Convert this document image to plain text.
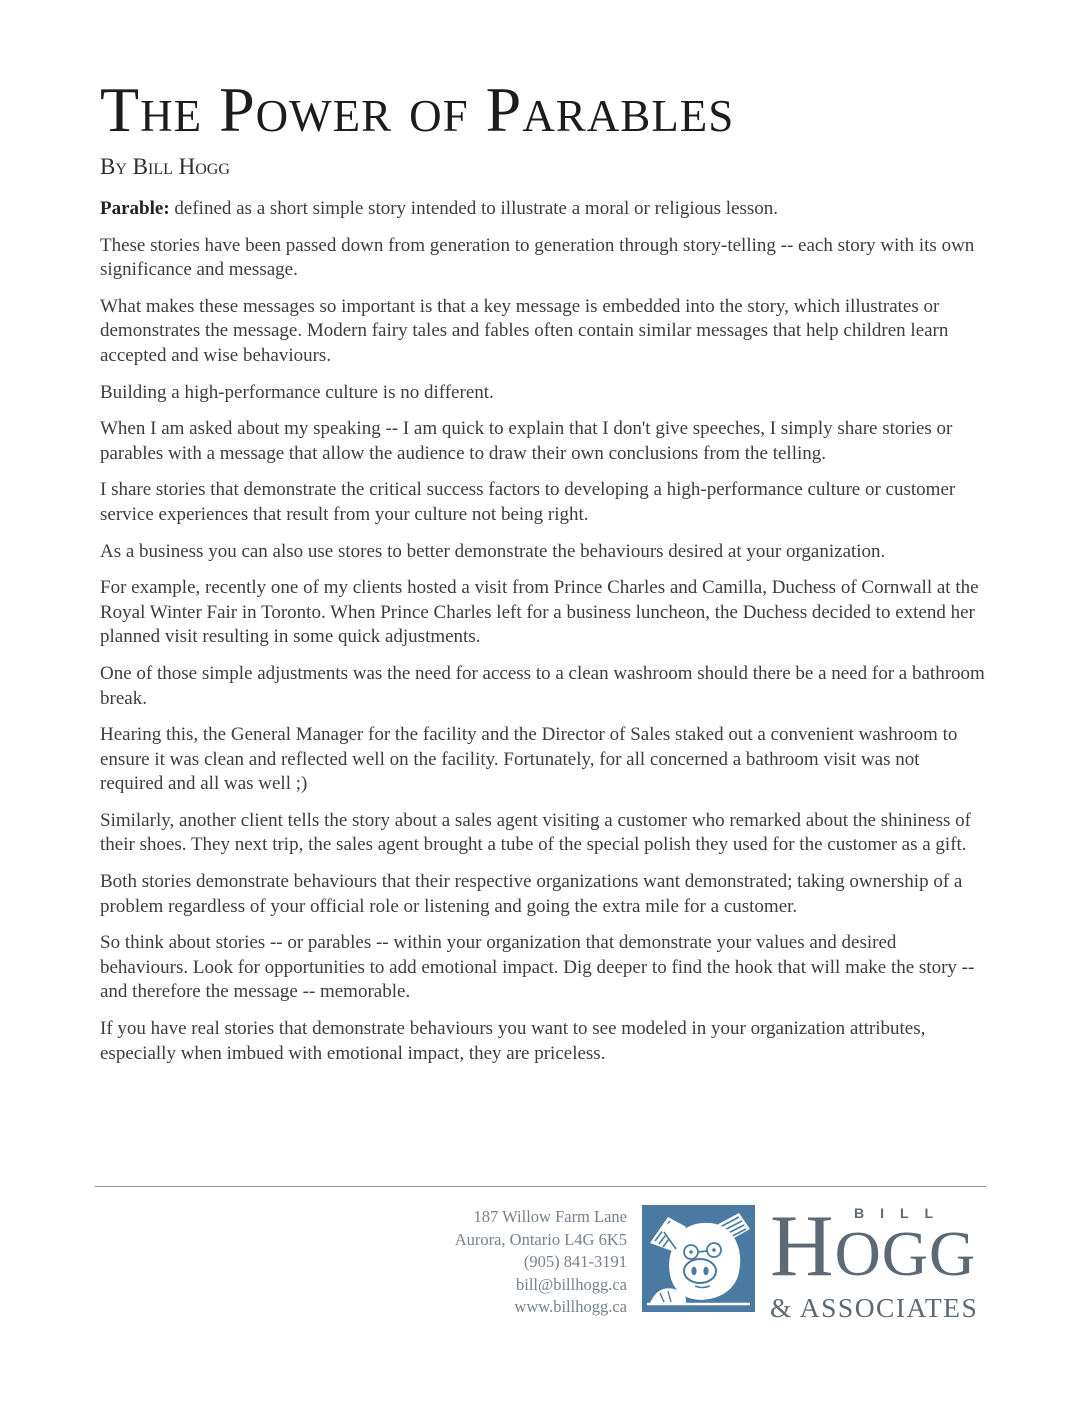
The Power of Parables
By Bill Hogg

Parable: defined as a short simple story intended to illustrate a moral or religious lesson.

These stories have been passed down from generation to generation through story-telling -- each story with its own significance and message.

What makes these messages so important is that a key message is embedded into the story, which illustrates or demonstrates the message. Modern fairy tales and fables often contain similar messages that help children learn accepted and wise behaviours.

Building a high-performance culture is no different.

When I am asked about my speaking -- I am quick to explain that I don't give speeches, I simply share stories or parables with a message that allow the audience to draw their own conclusions from the telling.

I share stories that demonstrate the critical success factors to developing a high-performance culture or customer service experiences that result from your culture not being right.

As a business you can also use stores to better demonstrate the behaviours desired at your organization.

For example, recently one of my clients hosted a visit from Prince Charles and Camilla, Duchess of Cornwall at the Royal Winter Fair in Toronto. When Prince Charles left for a business luncheon, the Duchess decided to extend her planned visit resulting in some quick adjustments.

One of those simple adjustments was the need for access to a clean washroom should there be a need for a bathroom break.

Hearing this, the General Manager for the facility and the Director of Sales staked out a convenient washroom to ensure it was clean and reflected well on the facility. Fortunately, for all concerned a bathroom visit was not required and all was well ;)

Similarly, another client tells the story about a sales agent visiting a customer who remarked about the shininess of their shoes. They next trip, the sales agent brought a tube of the special polish they used for the customer as a gift.

Both stories demonstrate behaviours that their respective organizations want demonstrated; taking ownership of a problem regardless of your official role or listening and going the extra mile for a customer.

So think about stories -- or parables -- within your organization that demonstrate your values and desired behaviours. Look for opportunities to add emotional impact. Dig deeper to find the hook that will make the story -- and therefore the message -- memorable.

If you have real stories that demonstrate behaviours you want to see modeled in your organization attributes, especially when imbued with emotional impact, they are priceless.

187 Willow Farm Lane
Aurora, Ontario L4G 6K5
(905) 841-3191
bill@billhogg.ca
www.billhogg.ca
BILL
HOGG
& ASSOCIATES
